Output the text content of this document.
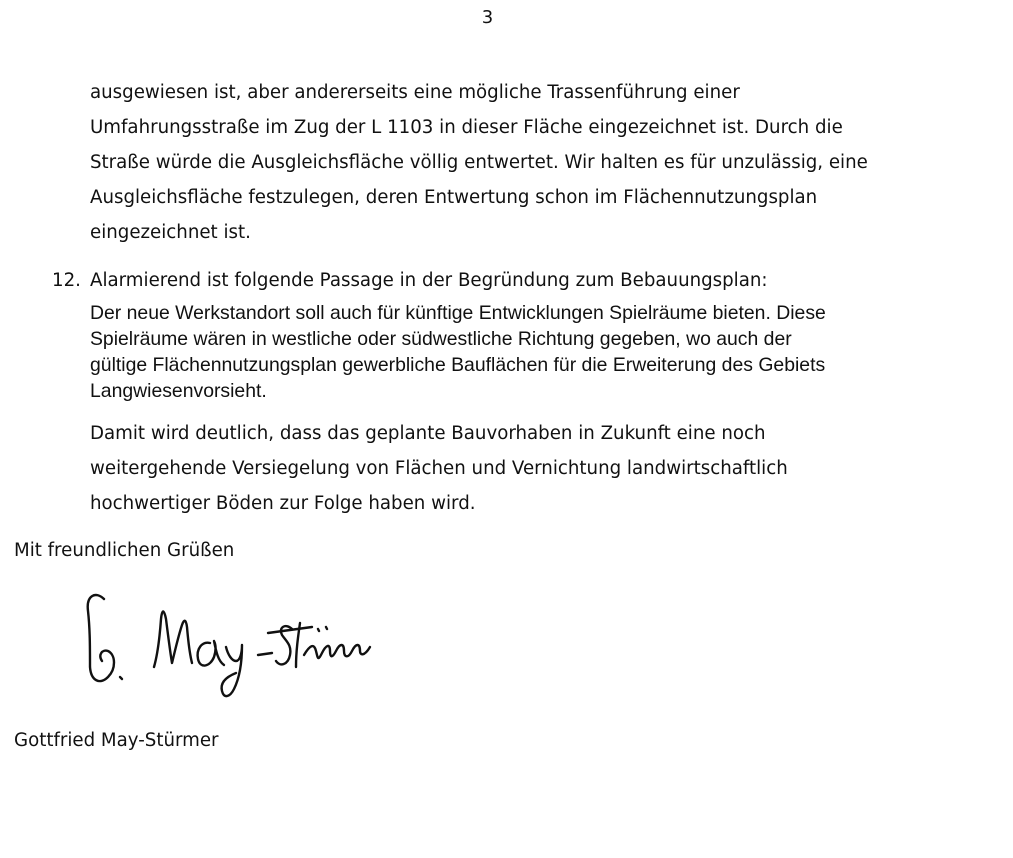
3
ausgewiesen ist, aber andererseits eine mögliche Trassenführung einer
Umfahrungsstraße im Zug der L 1103 in dieser Fläche eingezeichnet ist. Durch die
Straße würde die Ausgleichsfläche völlig entwertet. Wir halten es für unzulässig, eine
Ausgleichsfläche festzulegen, deren Entwertung schon im Flächennutzungsplan
eingezeichnet ist.
12. Alarmierend ist folgende Passage in der Begründung zum Bebauungsplan:
Der neue Werkstandort soll auch für künftige Entwicklungen Spielräume bieten. Diese
Spielräume wären in westliche oder südwestliche Richtung gegeben, wo auch der
gültige Flächennutzungsplan gewerbliche Bauflächen für die Erweiterung des Gebiets
Langwiesenvorsieht.
Damit wird deutlich, dass das geplante Bauvorhaben in Zukunft eine noch
weitergehende Versiegelung von Flächen und Vernichtung landwirtschaftlich
hochwertiger Böden zur Folge haben wird.
Mit freundlichen Grüßen
Gottfried May-Stürmer
